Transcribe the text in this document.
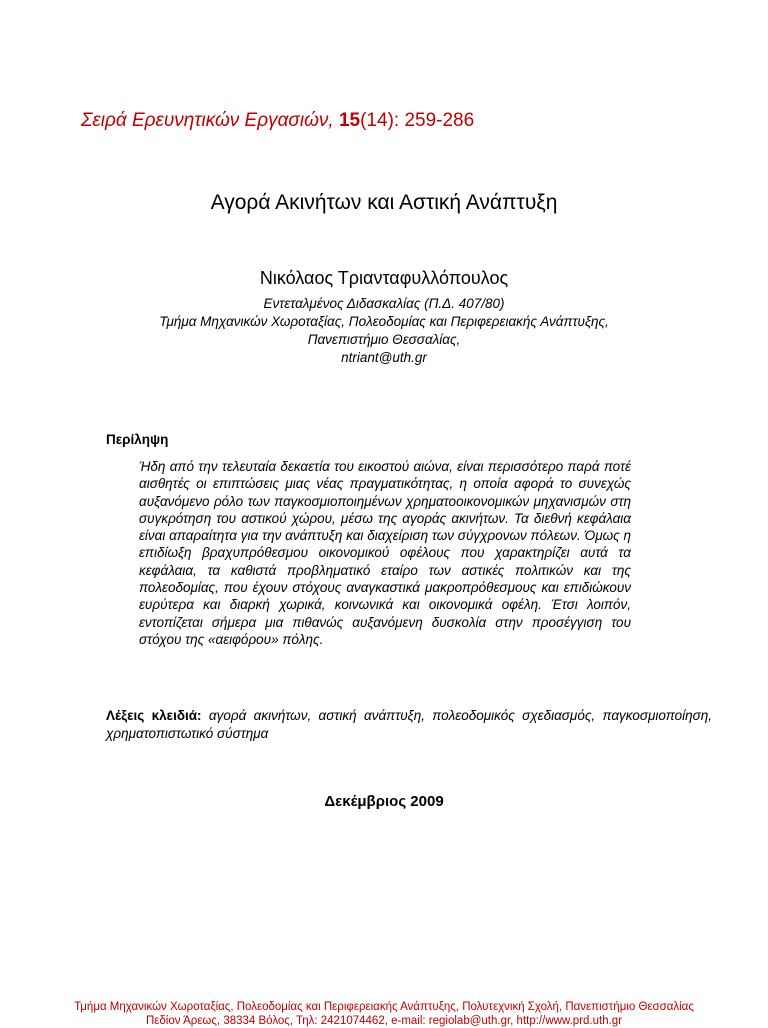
Σειρά Ερευνητικών Εργασιών, 15(14): 259-286
Αγορά Ακινήτων και Αστική Ανάπτυξη
Νικόλαος Τριανταφυλλόπουλος
Εντεταλμένος Διδασκαλίας (Π.Δ. 407/80)
Τμήμα Μηχανικών Χωροταξίας, Πολεοδομίας και Περιφερειακής Ανάπτυξης,
Πανεπιστήμιο Θεσσαλίας,
ntriant@uth.gr
Περίληψη
Ήδη από την τελευταία δεκαετία του εικοστού αιώνα, είναι περισσότερο παρά ποτέ αισθητές οι επιπτώσεις μιας νέας πραγματικότητας, η οποία αφορά το συνεχώς αυξανόμενο ρόλο των παγκοσμιοποιημένων χρηματοοικονομικών μηχανισμών στη συγκρότηση του αστικού χώρου, μέσω της αγοράς ακινήτων. Τα διεθνή κεφάλαια είναι απαραίτητα για την ανάπτυξη και διαχείριση των σύγχρονων πόλεων. Όμως η επιδίωξη βραχυπρόθεσμου οικονομικού οφέλους που χαρακτηρίζει αυτά τα κεφάλαια, τα καθιστά προβληματικό εταίρο των αστικές πολιτικών και της πολεοδομίας, που έχουν στόχους αναγκαστικά μακροπρόθεσμους και επιδιώκουν ευρύτερα και διαρκή χωρικά, κοινωνικά και οικονομικά οφέλη. Έτσι λοιπόν, εντοπίζεται σήμερα μια πιθανώς αυξανόμενη δυσκολία στην προσέγγιση του στόχου της «αειφόρου» πόλης.
Λέξεις κλειδιά: αγορά ακινήτων, αστική ανάπτυξη, πολεοδομικός σχεδιασμός, παγκοσμιοποίηση, χρηματοπιστωτικό σύστημα
Δεκέμβριος 2009
Τμήμα Μηχανικών Χωροταξίας, Πολεοδομίας και Περιφερειακής Ανάπτυξης, Πολυτεχνική Σχολή, Πανεπιστήμιο Θεσσαλίας
Πεδίον Άρεως, 38334 Βόλος, Τηλ: 2421074462, e-mail: regiolab@uth.gr, http://www.prd.uth.gr
